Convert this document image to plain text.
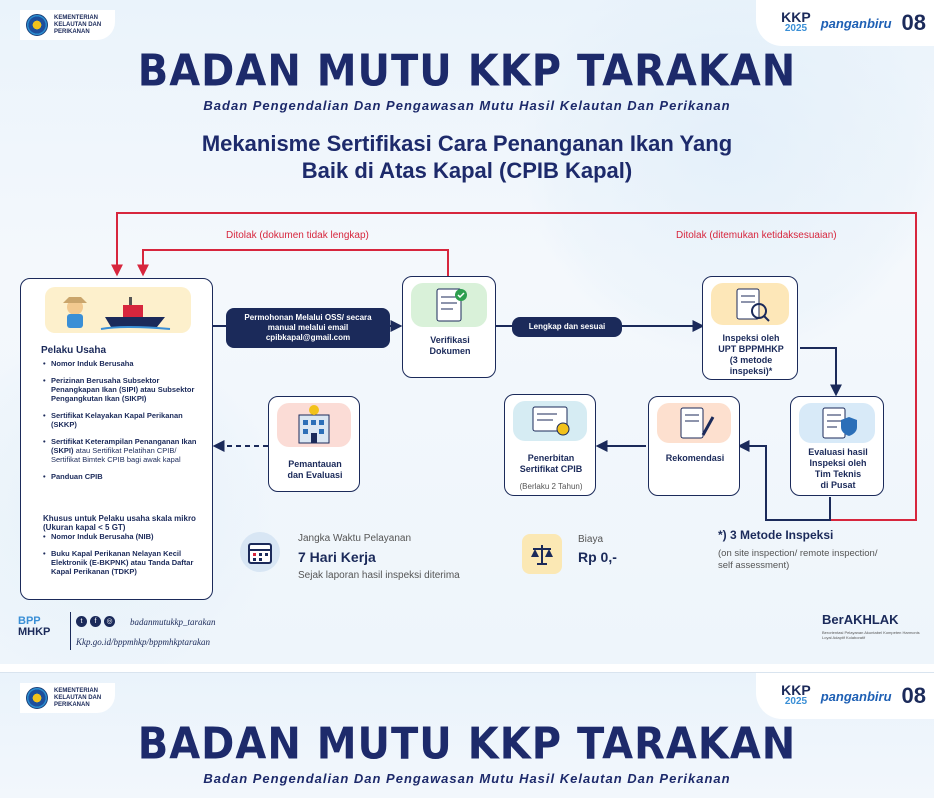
KEMENTERIAN
KELAUTAN DAN
PERIKANAN
KKP
2025 panganbiru 08
BADAN MUTU KKP TARAKAN
Badan Pengendalian Dan Pengawasan Mutu Hasil Kelautan Dan Perikanan
Mekanisme Sertifikasi Cara Penanganan Ikan Yang
Baik di Atas Kapal (CPIB Kapal)
Ditolak (dokumen tidak lengkap)	Ditolak (ditemukan ketidaksesuaian)
Pelaku Usaha
• Nomor Induk Berusaha
• Perizinan Berusaha Subsektor Penangkapan Ikan (SIPI) atau Subsektor Pengangkutan Ikan (SIKPI)
• Sertifikat Kelayakan Kapal Perikanan (SKKP)
• Sertifikat Keterampilan Penanganan Ikan (SKPI) atau Sertifikat Pelatihan CPIB/ Sertifikat Bimtek CPIB bagi awak kapal
• Panduan CPIB
Khusus untuk Pelaku usaha skala mikro (Ukuran kapal < 5 GT)
• Nomor Induk Berusaha (NIB)
• Buku Kapal Perikanan Nelayan Kecil Elektronik (E-BKPNK) atau Tanda Daftar Kapal Perikanan (TDKP)
Permohonan Melalui OSS/ secara
manual melalui email
cpibkapal@gmail.com	Verifikasi
Dokumen
Lengkap dan sesuai
Inspeksi oleh
UPT BPPMHKP
(3 metode
inspeksi)*
Evaluasi hasil
Inspeksi oleh
Tim Teknis
di Pusat
Rekomendasi
Penerbitan
Sertifikat CPIB
(Berlaku 2 Tahun)
Pemantauan
dan Evaluasi
Jangka Waktu Pelayanan
7 Hari Kerja
Sejak laporan hasil inspeksi diterima
Biaya
Rp 0,-
*) 3 Metode Inspeksi
(on site inspection/ remote inspection/
self assessment)
BPP
MHKP
t	f	◎ badanmutukkp_tarakan
Kkp.go.id/bppmhkp/bppmhkptarakan
BerAKHLAK
Berorientasi Pelayanan Akuntabel Kompeten Harmonis Loyal Adaptif Kolaboratif
KEMENTERIAN
KELAUTAN DAN
PERIKANAN
KKP
2025 panganbiru 08
BADAN MUTU KKP TARAKAN
Badan Pengendalian Dan Pengawasan Mutu Hasil Kelautan Dan Perikanan
